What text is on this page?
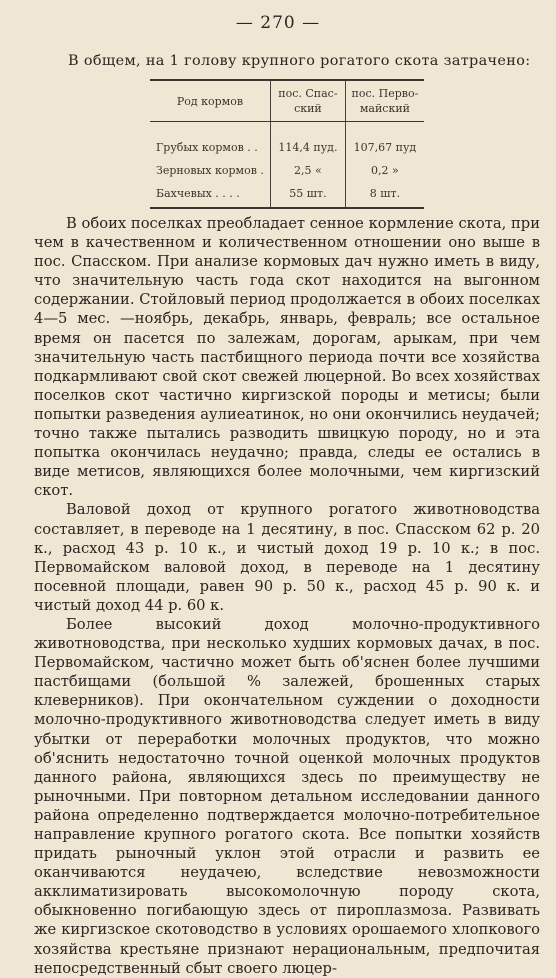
— 270 —
В общем, на 1 голову крупного рогатого скота затрачено:
Род кормов	пос. Спас-ский	пос. Перво-майский
Грубых кормов . .	114,4 пуд.	107,67 пуд
Зерновых кормов .	2,5 «	0,2 »
Бахчевых . . . .	55 шт.	8 шт.

В обоих поселках преобладает сенное кормление скота, при чем в качественном и количественном отношении оно выше в пос. Спасском. При анализе кормовых дач нужно иметь в виду, что значительную часть года скот находится на выгонном содержании. Стойловый период продолжается в обоих поселках 4—5 мес. —ноябрь, декабрь, январь, февраль; все остальное время он пасется по залежам, дорогам, арыкам, при чем значительную часть пастбищного периода почти все хозяйства подкармливают свой скот свежей люцерной. Во всех хозяйствах поселков скот частично киргизской породы и метисы; были попытки разведения аулиеатинок, но они окончились неудачей; точно также пытались разводить швицкую породу, но и эта попытка окончилась неудачно; правда, следы ее остались в виде метисов, являющихся более молочными, чем киргизский скот.

Валовой доход от крупного рогатого животноводства составляет, в переводе на 1 десятину, в пос. Спасском 62 р. 20 к., расход 43 р. 10 к., и чистый доход 19 р. 10 к.; в пос. Первомайском валовой доход, в переводе на 1 десятину посевной площади, равен 90 р. 50 к., расход 45 р. 90 к. и чистый доход 44 р. 60 к.

Более высокий доход молочно-продуктивного животноводства, при несколько худших кормовых дачах, в пос. Первомайском, частично может быть об'яснен более лучшими пастбищами (большой % залежей, брошенных старых клеверников). При окончательном суждении о доходности молочно-продуктивного животноводства следует иметь в виду убытки от переработки молочных продуктов, что можно об'яснить недостаточно точной оценкой молочных продуктов данного района, являющихся здесь по преимуществу не рыночными. При повторном детальном исследовании данного района определенно подтверждается молочно-потребительное направление крупного рогатого скота. Все попытки хозяйств придать рыночный уклон этой отрасли и развить ее оканчиваются неудачею, вследствие невозможности акклиматизировать высокомолочную породу скота, обыкновенно погибающую здесь от пироплазмоза. Развивать же киргизское скотоводство в условиях орошаемого хлопкового хозяйства крестьяне признают нерациональным, предпочитая непосредственный сбыт своего люцер-
